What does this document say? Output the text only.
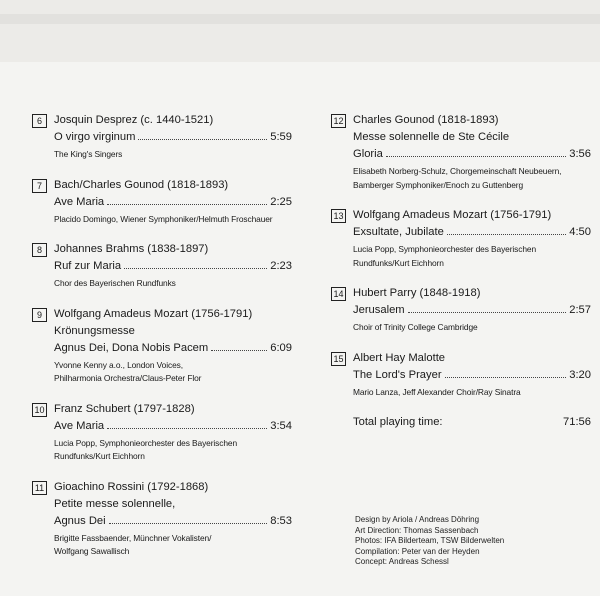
6	Josquin Desprez (c. 1440-1521)
O virgo virginum	5:59
The King's Singers
7	Bach/Charles Gounod (1818-1893)
Ave Maria	2:25
Placido Domingo, Wiener Symphoniker/Helmuth Froschauer
8	Johannes Brahms (1838-1897)
Ruf zur Maria	2:23
Chor des Bayerischen Rundfunks
9	Wolfgang Amadeus Mozart (1756-1791)
Krönungsmesse
Agnus Dei, Dona Nobis Pacem	6:09
Yvonne Kenny a.o., London Voices,
Philharmonia Orchestra/Claus-Peter Flor
10 Franz Schubert (1797-1828)
Ave Maria	3:54
Lucia Popp, Symphonieorchester des Bayerischen
Rundfunks/Kurt Eichhorn
11 Gioachino Rossini (1792-1868)
Petite messe solennelle,
Agnus Dei	8:53
Brigitte Fassbaender, Münchner Vokalisten/
Wolfgang Sawallisch
12 Charles Gounod (1818-1893)
Messe solennelle de Ste Cécile
Gloria	3:56
Elisabeth Norberg-Schulz, Chorgemeinschaft Neubeuern,
Bamberger Symphoniker/Enoch zu Guttenberg
13 Wolfgang Amadeus Mozart (1756-1791)
Exsultate, Jubilate	4:50
Lucia Popp, Symphonieorchester des Bayerischen
Rundfunks/Kurt Eichhorn
14 Hubert Parry (1848-1918)
Jerusalem	2:57
Choir of Trinity College Cambridge
15 Albert Hay Malotte
The Lord's Prayer	3:20
Mario Lanza, Jeff Alexander Choir/Ray Sinatra
Total playing time:	71:56
Design by Ariola / Andreas Döhring
Art Direction: Thomas Sassenbach
Photos: IFA Bilderteam, TSW Bilderwelten
Compilation: Peter van der Heyden
Concept: Andreas Schessl
